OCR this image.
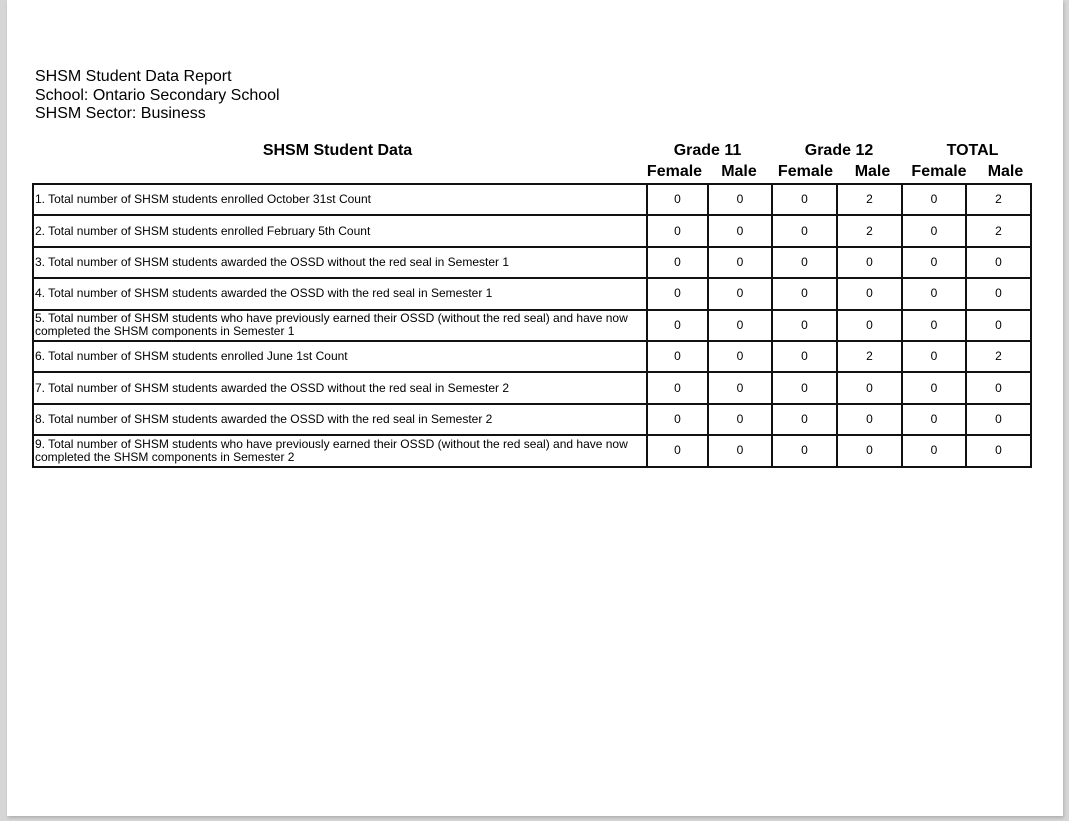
SHSM Student Data Report
School: Ontario Secondary School
SHSM Sector: Business
SHSM Student Data	Grade 11	Grade 12	TOTAL
Female	Male	Female	Male	Female	Male
1. Total number of SHSM students enrolled October 31st Count	0	0	0	2	0	2
2. Total number of SHSM students enrolled February 5th Count	0	0	0	2	0	2
3. Total number of SHSM students awarded the OSSD without the red seal in Semester 1	0	0	0	0	0	0
4. Total number of SHSM students awarded the OSSD with the red seal in Semester 1	0	0	0	0	0	0
5. Total number of SHSM students who have previously earned their OSSD (without the red seal) and have now completed the SHSM components in Semester 1	0	0	0	0	0	0
6. Total number of SHSM students enrolled June 1st Count	0	0	0	2	0	2
7. Total number of SHSM students awarded the OSSD without the red seal in Semester 2	0	0	0	0	0	0
8. Total number of SHSM students awarded the OSSD with the red seal in Semester 2	0	0	0	0	0	0
9. Total number of SHSM students who have previously earned their OSSD (without the red seal) and have now completed the SHSM components in Semester 2	0	0	0	0	0	0
